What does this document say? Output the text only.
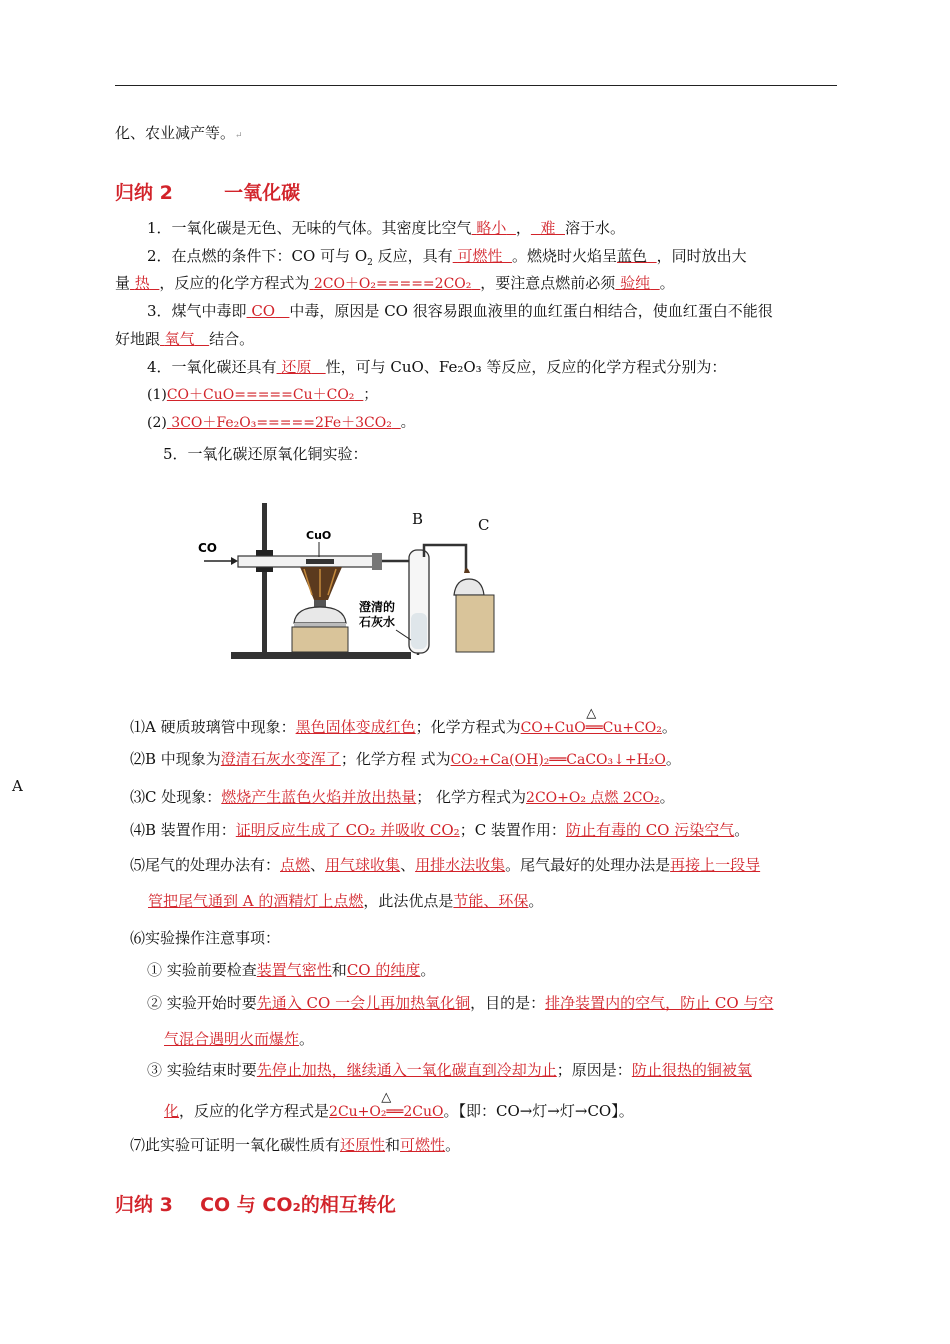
化、农业减产等。↵
归纳 2	一氧化碳
1．一氧化碳是无色、无味的气体。其密度比空气 略小 ， 难 溶于水。
2．在点燃的条件下：CO 可与 $O_2$ 反应，具有 可燃性 。燃烧时火焰呈蓝色 ，同时放出大
量 热 ，反应的化学方程式为 2CO＋O₂=====2CO₂ ，要注意点燃前必须 验纯 。
3．煤气中毒即 CO 中毒，原因是 CO 很容易跟血液里的血红蛋白相结合，使血红蛋白不能很
好地跟 氧气 结合。
4．一氧化碳还具有 还原 性，可与 CuO、Fe₂O₃ 等反应，反应的化学方程式分别为：
(1)CO＋CuO=====Cu＋CO₂ ；
(2) 3CO＋Fe₂O₃=====2Fe＋3CO₂ 。
5．一氧化碳还原氧化铜实验：
CO
CuO
澄清的
石灰水
B	C
A
⑴A 硬质玻璃管中现象：黑色固体变成红色；化学方程式为CO+CuO══Cu+CO₂
△
。
⑵B 中现象为澄清石灰水变浑了；化学方程 式为CO₂+Ca(OH)₂══CaCO₃↓+H₂O。
⑶C 处现象：燃烧产生蓝色火焰并放出热量； 化学方程式为2CO+O₂ 点燃 2CO₂。
⑷B 装置作用：证明反应生成了 CO₂ 并吸收 CO₂；C 装置作用：防止有毒的 CO 污染空气。
⑸尾气的处理办法有：点燃、用气球收集、用排水法收集。尾气最好的处理办法是再接上一段导
管把尾气通到 A 的酒精灯上点燃，此法优点是节能、环保。
⑹实验操作注意事项：
① 实验前要检查装置气密性和CO 的纯度。
② 实验开始时要先通入 CO 一会儿再加热氧化铜，目的是：排净装置内的空气，防止 CO 与空
气混合遇明火而爆炸。
③ 实验结束时要先停止加热，继续通入一氧化碳直到冷却为止；原因是：防止很热的铜被氧
化，反应的化学方程式是2Cu+O₂══2CuO
△
。【即：CO→灯→灯→CO】。
⑺此实验可证明一氧化碳性质有还原性和可燃性。
归纳 3 CO 与 CO₂的相互转化
